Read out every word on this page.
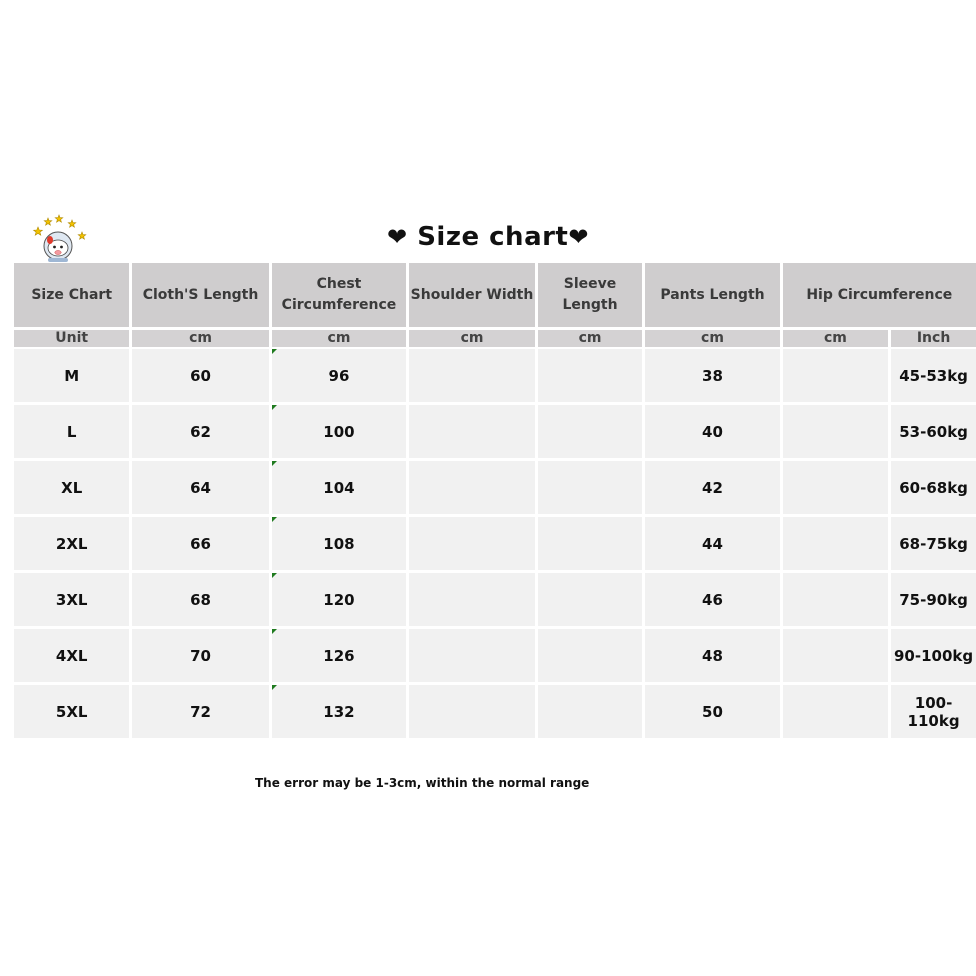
❤ Size chart❤
Size Chart	Cloth'S Length	Chest Circumference	Shoulder Width	Sleeve Length	Pants Length	Hip Circumference	
Unit	cm	cm	cm	cm	cm	cm	Inch
M	60	96			38		45-53kg
L	62	100			40		53-60kg
XL	64	104			42		60-68kg
2XL	66	108			44		68-75kg
3XL	68	120			46		75-90kg
4XL	70	126			48		90-100kg
5XL	72	132			50		100-110kg
The error may be 1-3cm, within the normal range
